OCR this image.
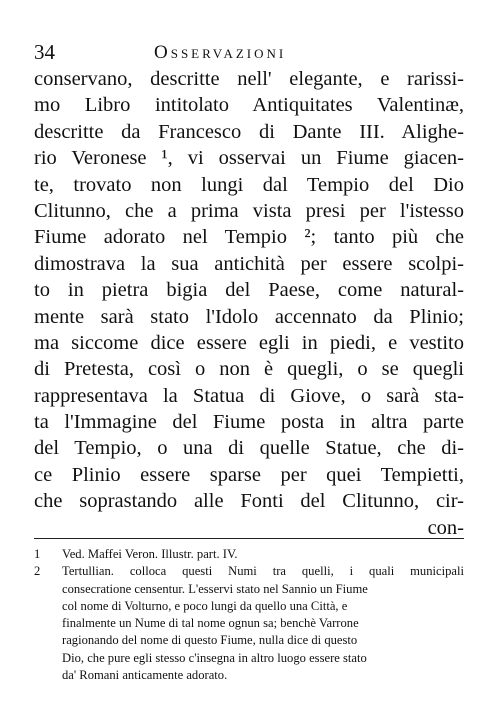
34	Osservazioni
conservano, descritte nell' elegante, e rarissi-
mo Libro intitolato Antiquitates Valentinæ,
descritte da Francesco di Dante III. Alighe-
rio Veronese ¹, vi osservai un Fiume giacen-
te, trovato non lungi dal Tempio del Dio
Clitunno, che a prima vista presi per l'istesso
Fiume adorato nel Tempio ²; tanto più che
dimostrava la sua antichità per essere scolpi-
to in pietra bigia del Paese, come natural-
mente sarà stato l'Idolo accennato da Plinio;
ma siccome dice essere egli in piedi, e vestito
di Pretesta, così o non è quegli, o se quegli
rappresentava la Statua di Giove, o sarà sta-
ta l'Immagine del Fiume posta in altra parte
del Tempio, o una di quelle Statue, che di-
ce Plinio essere sparse per quei Tempietti,
che soprastando alle Fonti del Clitunno, cir-
con-
1 Ved. Maffei Veron. Illustr. part. IV.
2 Tertullian. colloca questi Numi tra quelli, i quali municipali
consecratione censentur. L'esservi stato nel Sannio un Fiume
col nome di Volturno, e poco lungi da quello una Città, e
finalmente un Nume di tal nome ognun sa; benchè Varrone
ragionando del nome di questo Fiume, nulla dice di questo
Dio, che pure egli stesso c'insegna in altro luogo essere stato
da' Romani anticamente adorato.
